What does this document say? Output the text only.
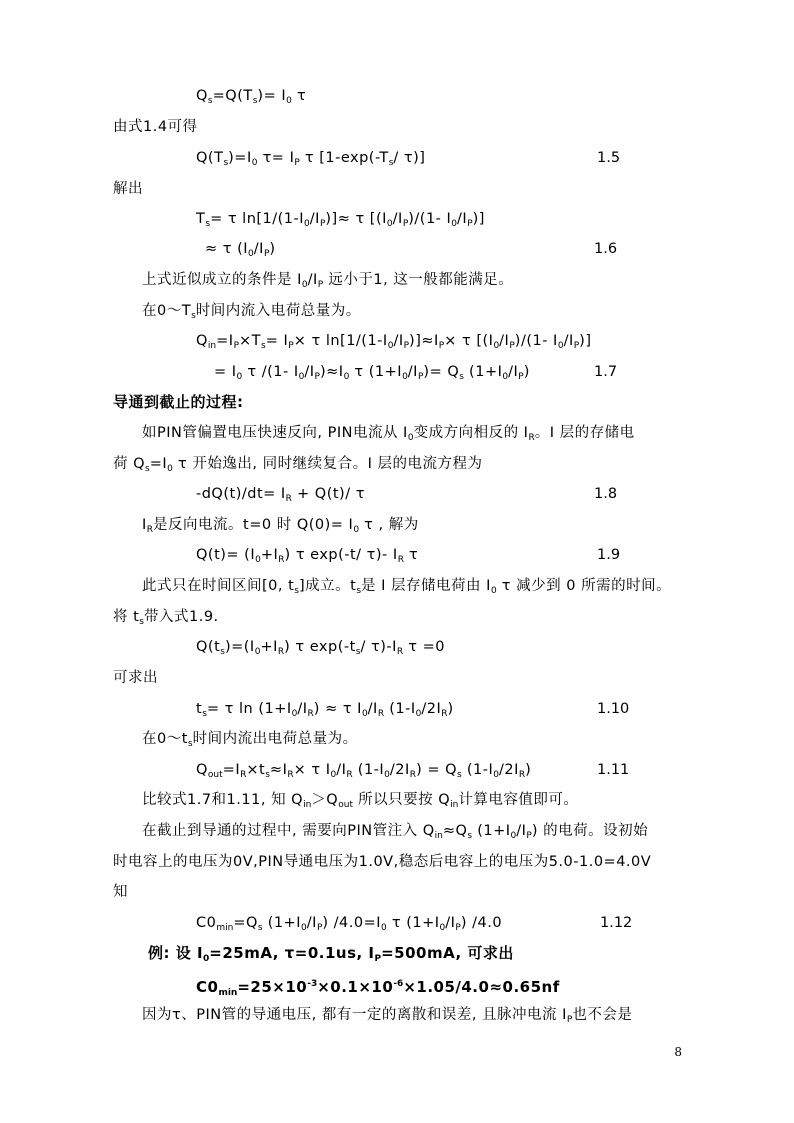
$Q_s=Q(T_s)= I_0$ τ
由式1.4可得
$Q(T_s)=I_0$ $\tau= I_P$ τ [$1-\exp(-T_s/$ τ)]	1.5
解出
$T_s= \tau$ $\ln[1/(1-I_0/I_P)]\approx \tau$ [$(I_0/I_P)/(1-$ $I_0/I_P$)]
≈ τ $(I_0/I_P)$	1.6
上式近似成立的条件是 $I_0/I_P$ 远小于1, 这一般都能满足。
在$0\sim T_s$时间内流入电荷总量为。
$Q_{in}=I_P\times T_s= I_P\times \tau$ $\ln[1/(1-I_0/I_P)]\approx I_P\times \tau$ [$(I_0/I_P)/(1-$ $I_0/I_P$)]
= $I_0$ τ /(1- $I_0/I_P)\approx I_0$ τ $(1+I_0/I_P)= Q_s$ $(1+I_0/I_P)$	1.7
导通到截止的过程:
如PIN管偏置电压快速反向, PIN电流从 $I_0$变成方向相反的 $I_R$。I 层的存储电
荷 $Q_s=I_0$ τ 开始逸出, 同时继续复合。I 层的电流方程为
$-dQ(t)/dt= I_R + Q(t)/$ τ	1.8
$I_R$是反向电流。t=0 时 $Q(0)= I_0$ τ , 解为
$Q(t)= (I_0+I_R)$ τ exp(-t/ τ)- $I_R$ τ	1.9
此式只在时间区间[0, $t_s$]成立。$t_s$是 I 层存储电荷由 $I_0$ τ 减少到 0 所需的时间。
将 $t_s$带入式1.9.
$Q(t_s)=(I_0+I_R)$ τ $\exp(-t_s/$ $\tau)-I_R$ τ =0
可求出
$t_s= \tau$ $\ln (1+I_0/I_R) \approx \tau$ $I_0/I_R$ $(1-I_0/2I_R)$	1.10
在$0\sim t_s$时间内流出电荷总量为。
$Q_{out}=I_R\times t_s\approx I_R\times \tau$ $I_0/I_R$ $(1-I_0/2I_R) = Q_s$ $(1-I_0/2I_R)$	1.11
比较式1.7和1.11, 知 $Q_{in}>Q_{out}$ 所以只要按 $Q_{in}$计算电容值即可。
在截止到导通的过程中, 需要向PIN管注入 $Q_{in}\approx Q_s$ $(1+I_0/I_P)$ 的电荷。设初始
时电容上的电压为0V,PIN导通电压为1.0V,稳态后电容上的电压为5.0-1.0=4.0V
知
$C0_{min}=Q_s$ $(1+I_0/I_P)$ $/4.0=I_0$ τ $(1+I_0/I_P)$ /4.0	1.12
例: 设 $I_0=25mA$, τ=0.1us, $I_P=500mA$, 可求出
$C0_{min}=25\times 10^{-3}\times 0.1\times 10^{-6}\times 1.05/4.0\approx 0.65nf$
因为τ、PIN管的导通电压, 都有一定的离散和误差, 且脉冲电流 $I_P$也不会是
8
